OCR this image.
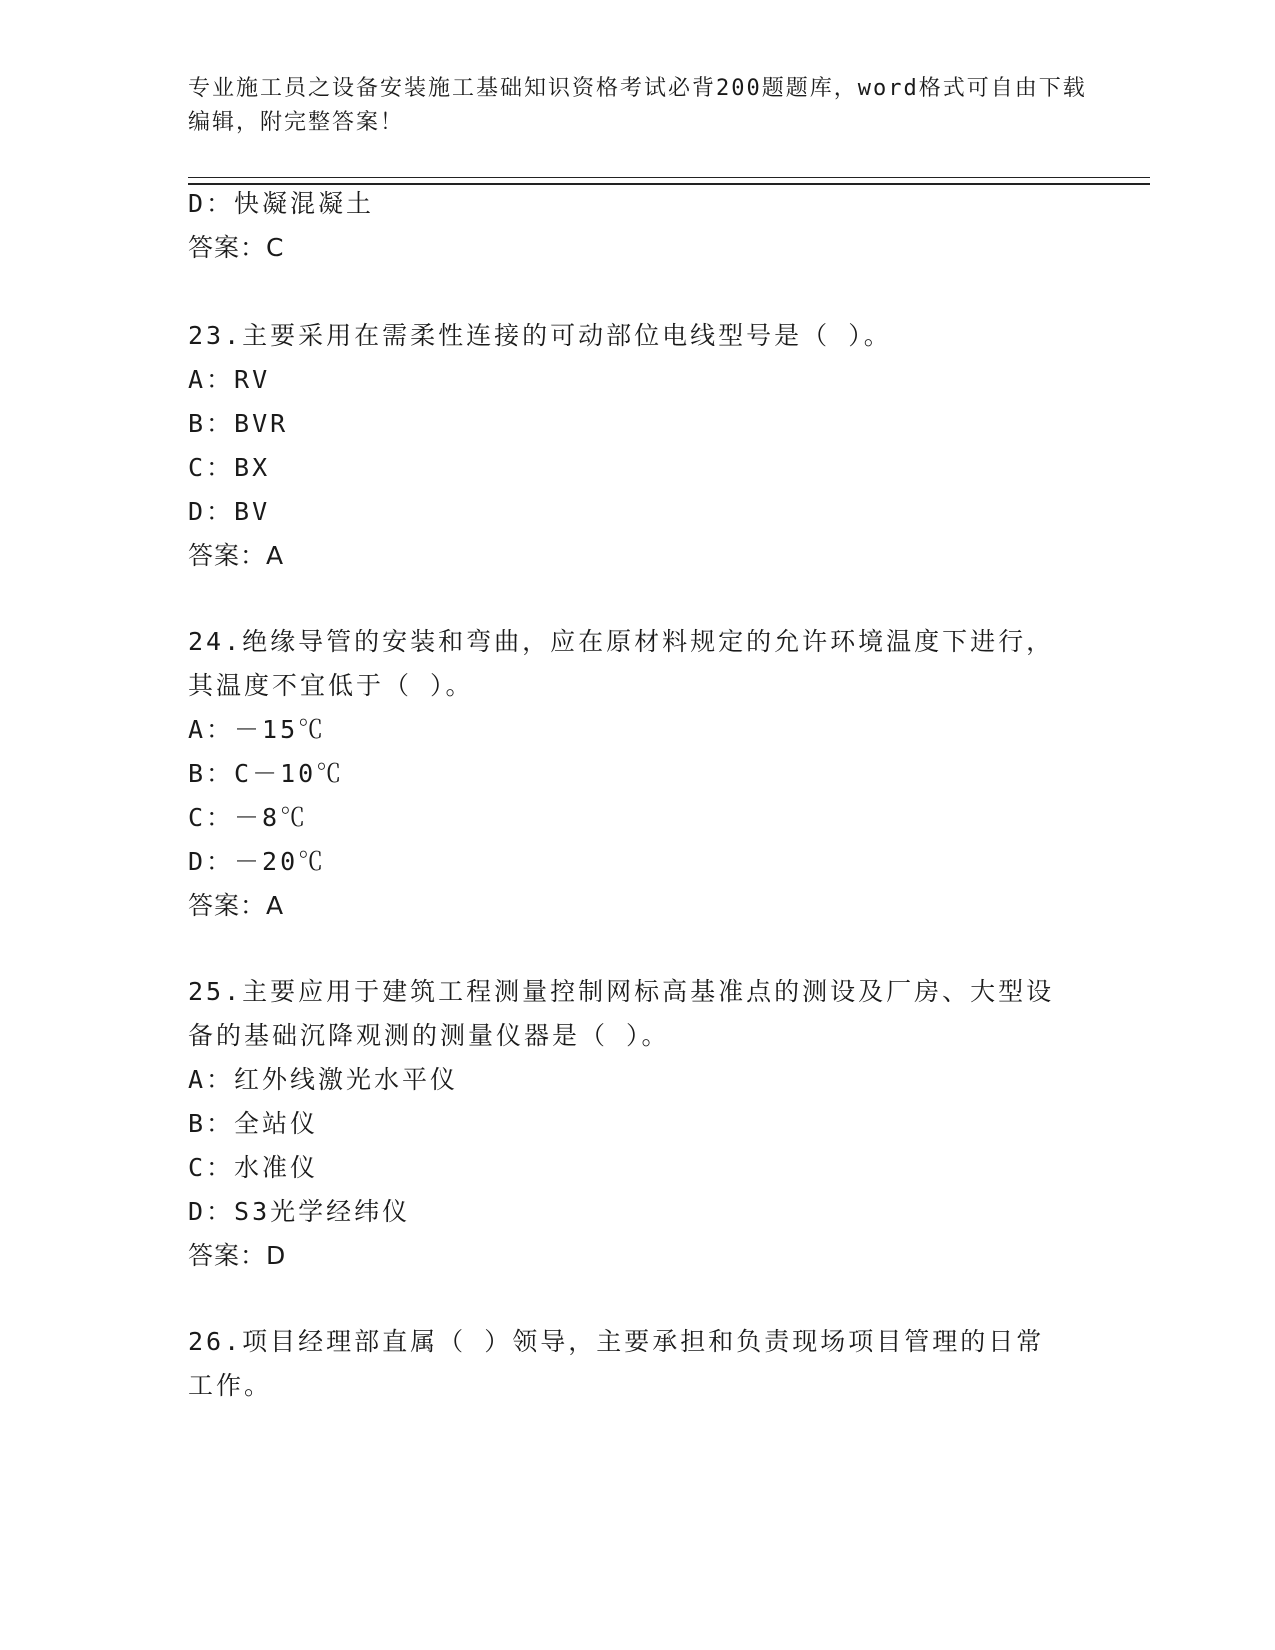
专业施工员之设备安装施工基础知识资格考试必背200题题库，word格式可自由下载编辑，附完整答案！
D：快凝混凝土
答案：C
23.主要采用在需柔性连接的可动部位电线型号是（ ）。
A：RV
B：BVR
C：BX
D：BV
答案：A
24.绝缘导管的安装和弯曲，应在原材料规定的允许环境温度下进行，
其温度不宜低于（ ）。
A：－15℃
B：C－10℃
C：－8℃
D：－20℃
答案：A
25.主要应用于建筑工程测量控制网标高基准点的测设及厂房、大型设
备的基础沉降观测的测量仪器是（ ）。
A：红外线激光水平仪
B：全站仪
C：水准仪
D：S3光学经纬仪
答案：D
26.项目经理部直属（ ）领导，主要承担和负责现场项目管理的日常
工作。
